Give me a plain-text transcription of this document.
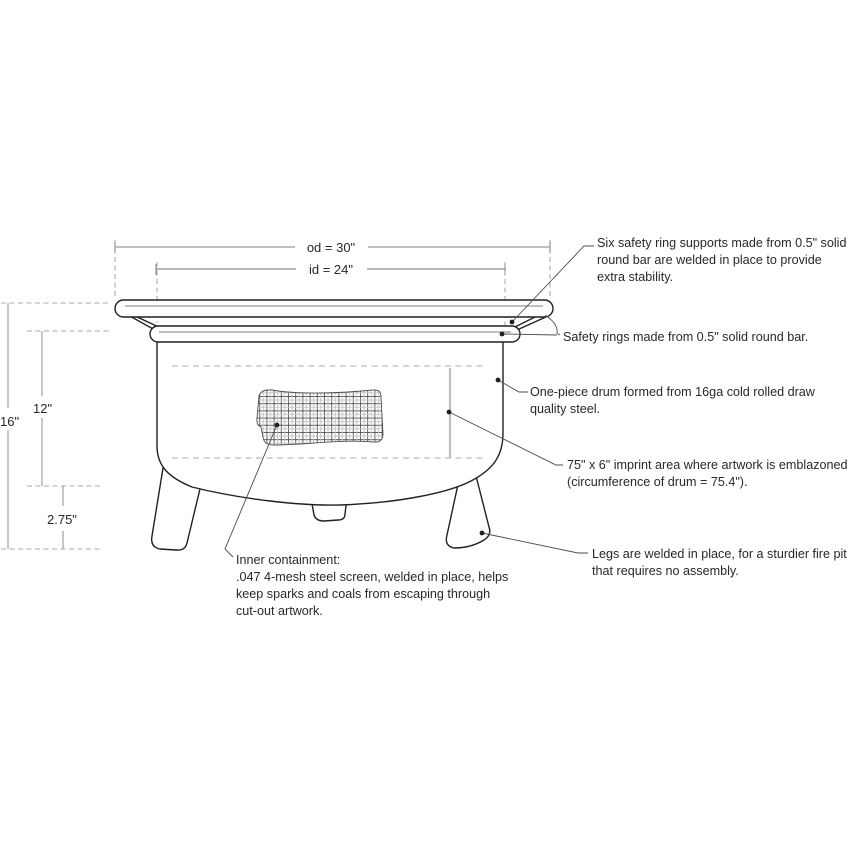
od = 30"
id = 24"
16"
12"
2.75"
Six safety ring supports made from 0.5" solid
round bar are welded in place to provide
extra stability.
Safety rings made from 0.5" solid round bar.
One-piece drum formed from 16ga cold rolled draw
quality steel.
75" x 6" imprint area where artwork is emblazoned
(circumference of drum = 75.4").
Legs are welded in place, for a sturdier fire pit
that requires no assembly.
Inner containment:
.047 4-mesh steel screen, welded in place, helps
keep sparks and coals from escaping through
cut-out artwork.
